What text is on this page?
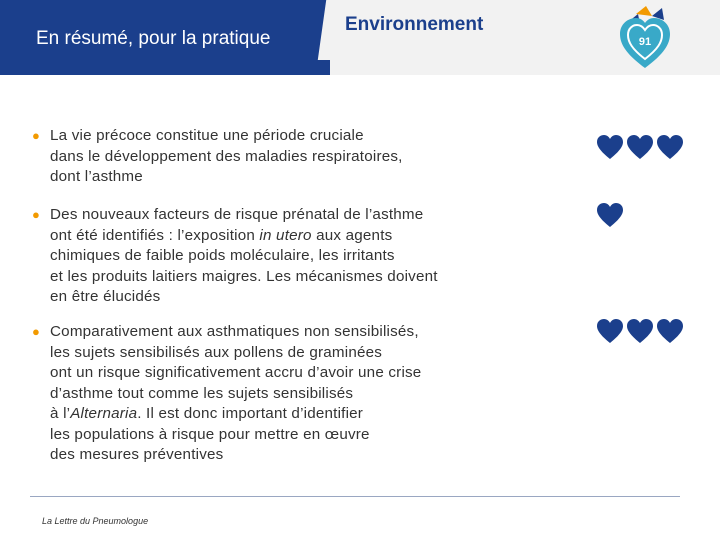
En résumé, pour la pratique
Environnement
91
● La vie précoce constitue une période cruciale
dans le développement des maladies respiratoires,
dont l’asthme
● Des nouveaux facteurs de risque prénatal de l’asthme
ont été identifiés : l’exposition in utero aux agents
chimiques de faible poids moléculaire, les irritants
et les produits laitiers maigres. Les mécanismes doivent
en être élucidés
● Comparativement aux asthmatiques non sensibilisés,
les sujets sensibilisés aux pollens de graminées
ont un risque significativement accru d’avoir une crise
d’asthme tout comme les sujets sensibilisés
à l’Alternaria. Il est donc important d’identifier
les populations à risque pour mettre en œuvre
des mesures préventives
La Lettre du Pneumologue
